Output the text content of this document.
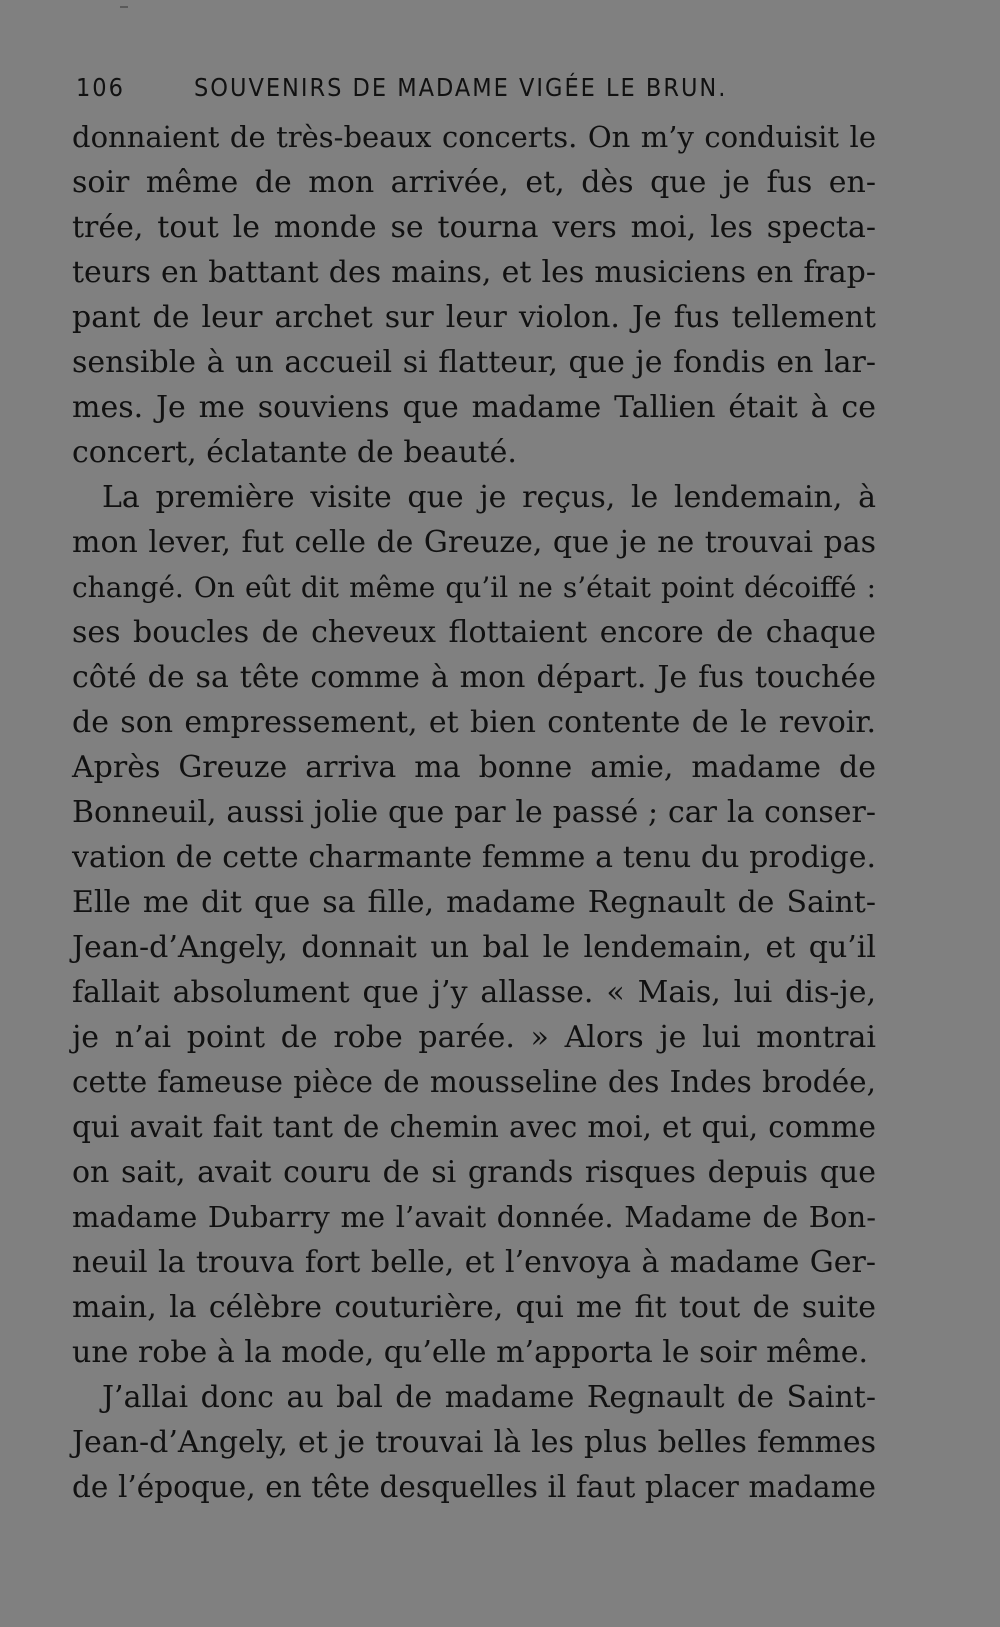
106	SOUVENIRS DE MADAME VIGÉE LE BRUN.
donnaient de très-beaux concerts. On m’y conduisit le
soir même de mon arrivée, et, dès que je fus en-
trée, tout le monde se tourna vers moi, les specta-
teurs en battant des mains, et les musiciens en frap-
pant de leur archet sur leur violon. Je fus tellement
sensible à un accueil si flatteur, que je fondis en lar-
mes. Je me souviens que madame Tallien était à ce
concert, éclatante de beauté.
La première visite que je reçus, le lendemain, à
mon lever, fut celle de Greuze, que je ne trouvai pas
changé. On eût dit même qu’il ne s’était point décoiffé :
ses boucles de cheveux flottaient encore de chaque
côté de sa tête comme à mon départ. Je fus touchée
de son empressement, et bien contente de le revoir.
Après Greuze arriva ma bonne amie, madame de
Bonneuil, aussi jolie que par le passé ; car la conser-
vation de cette charmante femme a tenu du prodige.
Elle me dit que sa fille, madame Regnault de Saint-
Jean-d’Angely, donnait un bal le lendemain, et qu’il
fallait absolument que j’y allasse. « Mais, lui dis-je,
je n’ai point de robe parée. » Alors je lui montrai
cette fameuse pièce de mousseline des Indes brodée,
qui avait fait tant de chemin avec moi, et qui, comme
on sait, avait couru de si grands risques depuis que
madame Dubarry me l’avait donnée. Madame de Bon-
neuil la trouva fort belle, et l’envoya à madame Ger-
main, la célèbre couturière, qui me fit tout de suite
une robe à la mode, qu’elle m’apporta le soir même.
J’allai donc au bal de madame Regnault de Saint-
Jean-d’Angely, et je trouvai là les plus belles femmes
de l’époque, en tête desquelles il faut placer madame
